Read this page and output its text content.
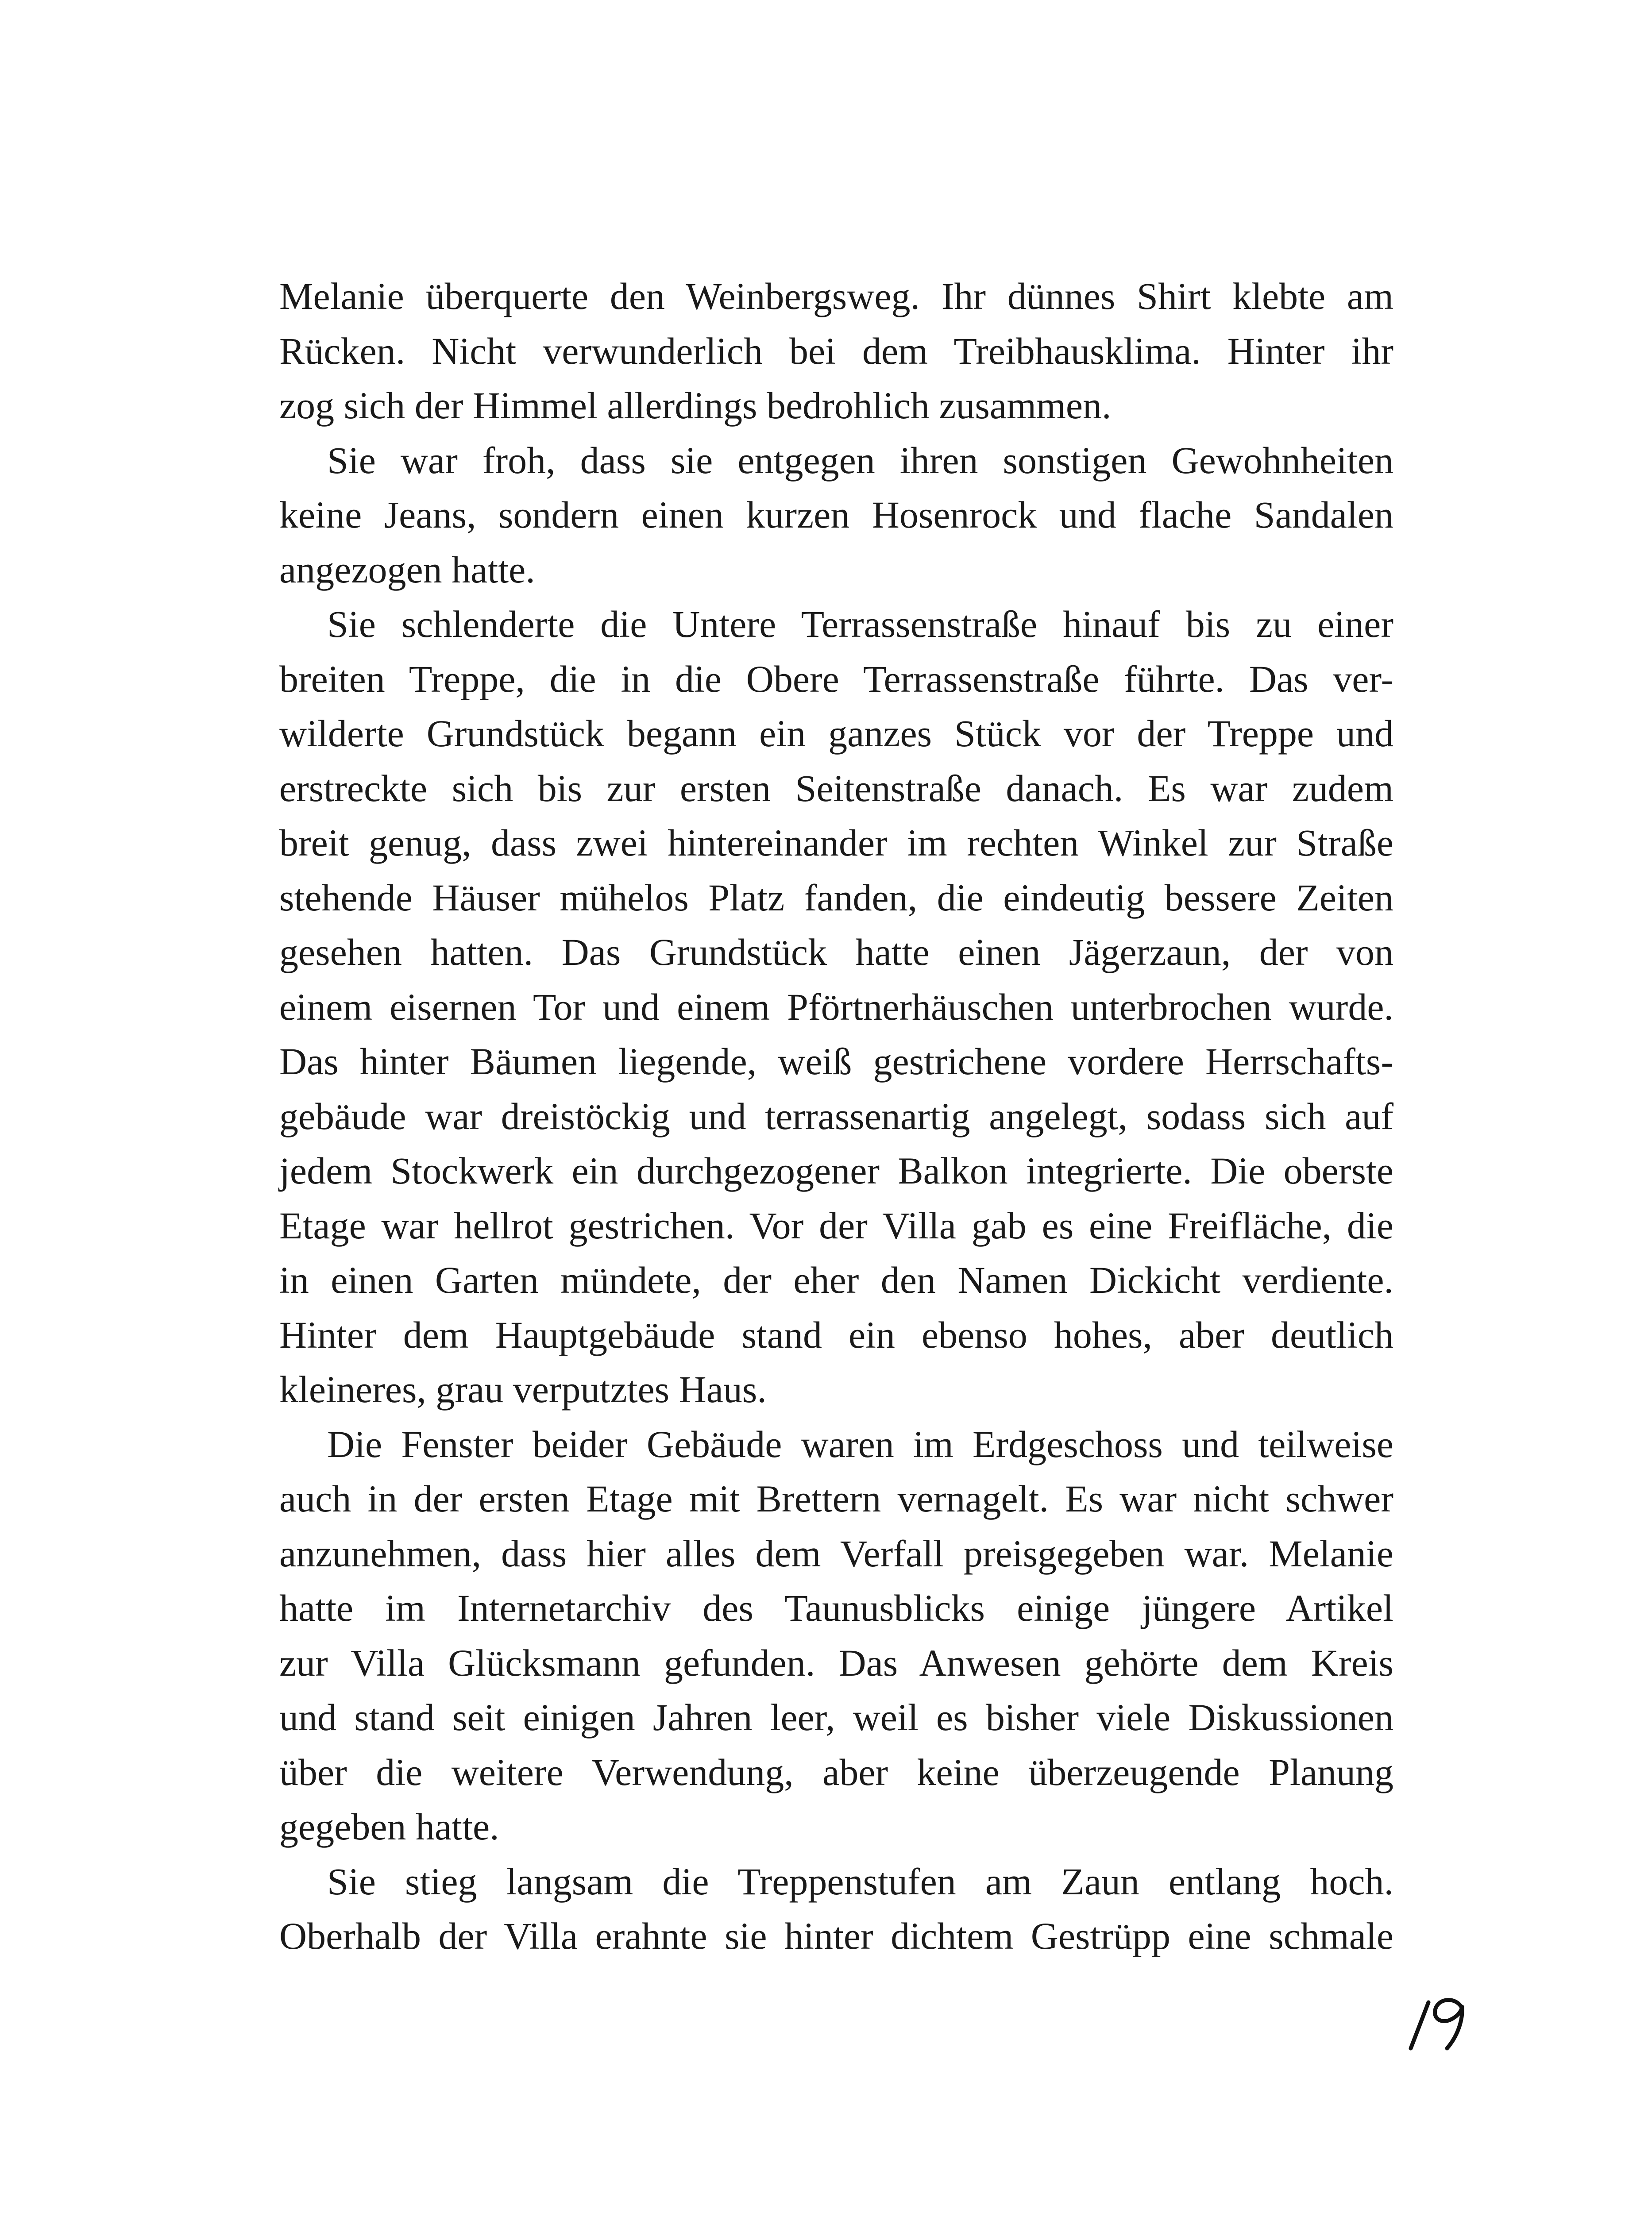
Melanie überquerte den Weinbergsweg. Ihr dünnes Shirt klebte am
Rücken. Nicht verwunderlich bei dem Treibhausklima. Hinter ihr
zog sich der Himmel allerdings bedrohlich zusammen.
Sie war froh, dass sie entgegen ihren sonstigen Gewohnheiten
keine Jeans, sondern einen kurzen Hosenrock und flache Sandalen
angezogen hatte.
Sie schlenderte die Untere Terrassenstraße hinauf bis zu einer
breiten Treppe, die in die Obere Terrassenstraße führte. Das ver-
wilderte Grundstück begann ein ganzes Stück vor der Treppe und
erstreckte sich bis zur ersten Seitenstraße danach. Es war zudem
breit genug, dass zwei hintereinander im rechten Winkel zur Straße
stehende Häuser mühelos Platz fanden, die eindeutig bessere Zeiten
gesehen hatten. Das Grundstück hatte einen Jägerzaun, der von
einem eisernen Tor und einem Pförtnerhäuschen unterbrochen wurde.
Das hinter Bäumen liegende, weiß gestrichene vordere Herrschafts-
gebäude war dreistöckig und terrassenartig angelegt, sodass sich auf
jedem Stockwerk ein durchgezogener Balkon integrierte. Die oberste
Etage war hellrot gestrichen. Vor der Villa gab es eine Freifläche, die
in einen Garten mündete, der eher den Namen Dickicht verdiente.
Hinter dem Hauptgebäude stand ein ebenso hohes, aber deutlich
kleineres, grau verputztes Haus.
Die Fenster beider Gebäude waren im Erdgeschoss und teilweise
auch in der ersten Etage mit Brettern vernagelt. Es war nicht schwer
anzunehmen, dass hier alles dem Verfall preisgegeben war. Melanie
hatte im Internetarchiv des Taunusblicks einige jüngere Artikel
zur Villa Glücksmann gefunden. Das Anwesen gehörte dem Kreis
und stand seit einigen Jahren leer, weil es bisher viele Diskussionen
über die weitere Verwendung, aber keine überzeugende Planung
gegeben hatte.
Sie stieg langsam die Treppenstufen am Zaun entlang hoch.
Oberhalb der Villa erahnte sie hinter dichtem Gestrüpp eine schmale
